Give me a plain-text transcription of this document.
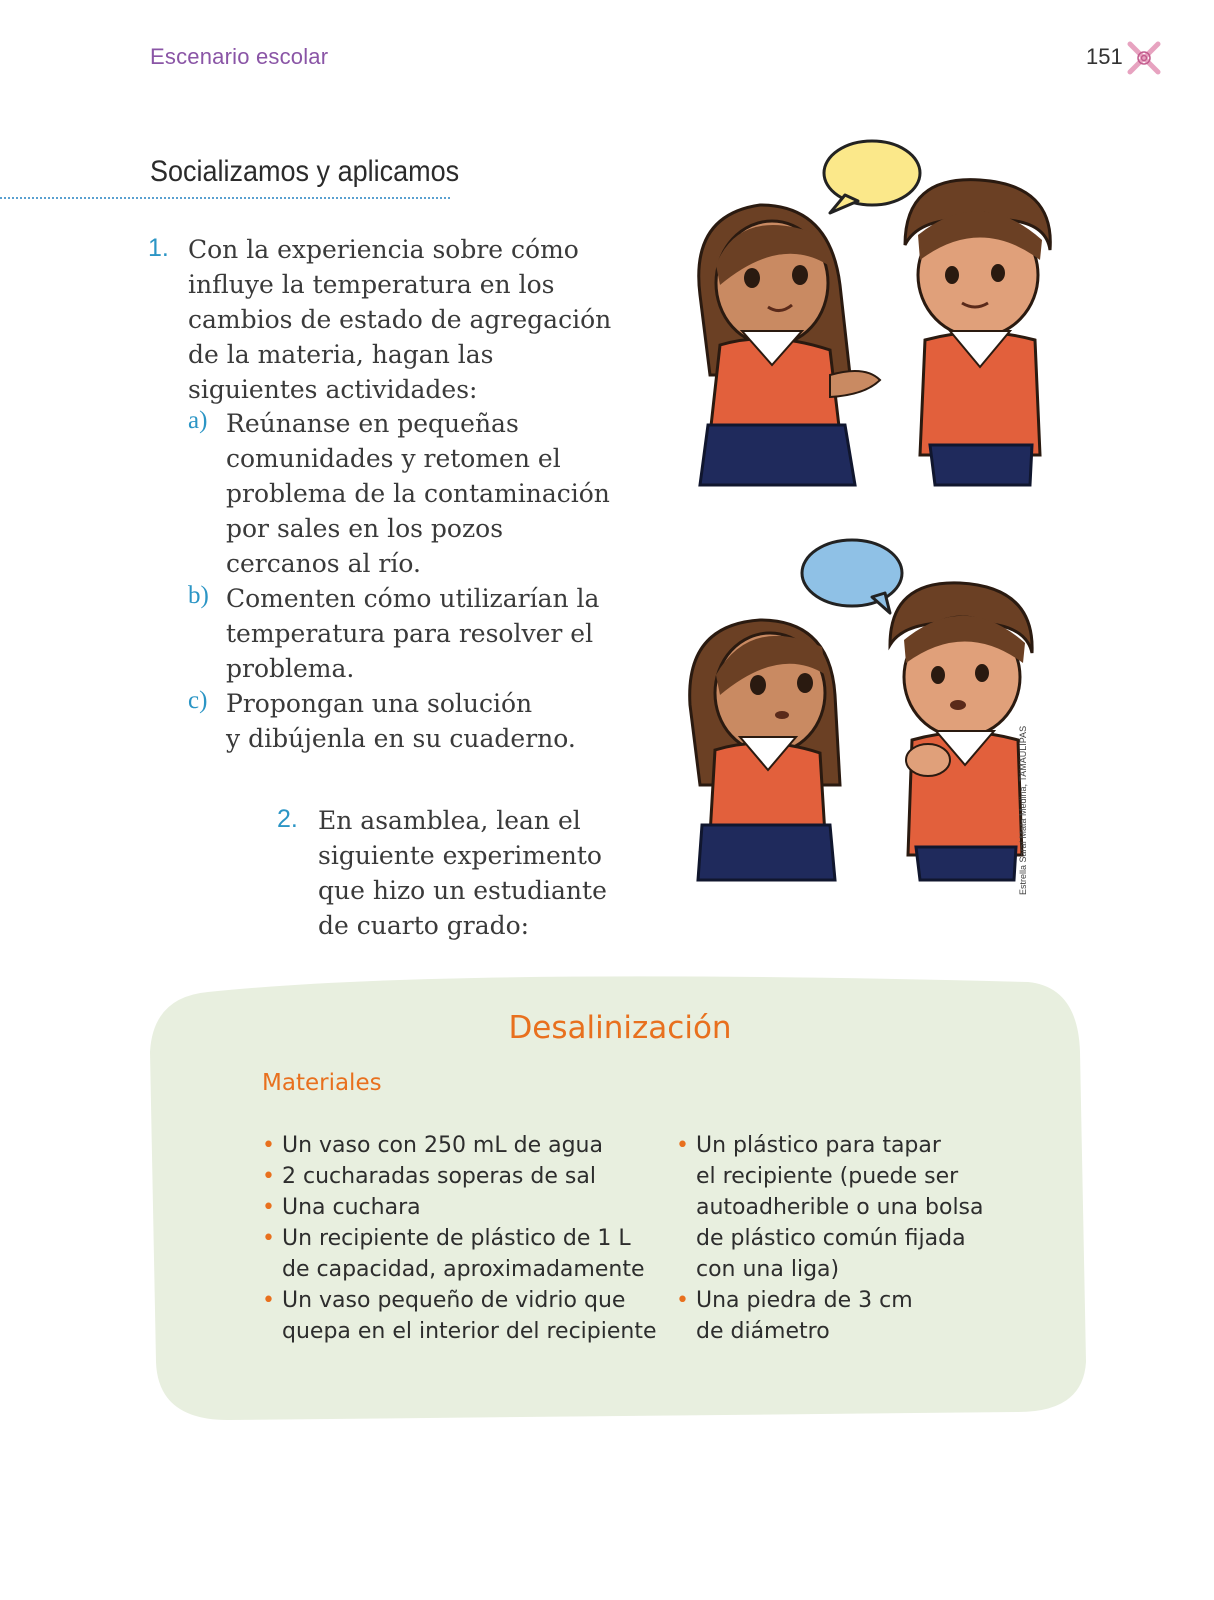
Escenario escolar	151
Socializamos y aplicamos
1. Con la experiencia sobre cómo
influye la temperatura en los
cambios de estado de agregación
de la materia, hagan las
siguientes actividades:
a) Reúnanse en pequeñas
comunidades y retomen el
problema de la contaminación
por sales en los pozos
cercanos al río.
b) Comenten cómo utilizarían la
temperatura para resolver el
problema.
c) Propongan una solución
y dibújenla en su cuaderno.
2. En asamblea, lean el
siguiente experimento
que hizo un estudiante
de cuarto grado:
Estrella Saraí Mata Medina, TAMAULIPAS
Desalinización
Materiales
• Un vaso con 250 mL de agua
• 2 cucharadas soperas de sal
• Una cuchara
• Un recipiente de plástico de 1 L
de capacidad, aproximadamente
• Un vaso pequeño de vidrio que
quepa en el interior del recipiente
• Un plástico para tapar
el recipiente (puede ser
autoadherible o una bolsa
de plástico común fijada
con una liga)
• Una piedra de 3 cm
de diámetro
